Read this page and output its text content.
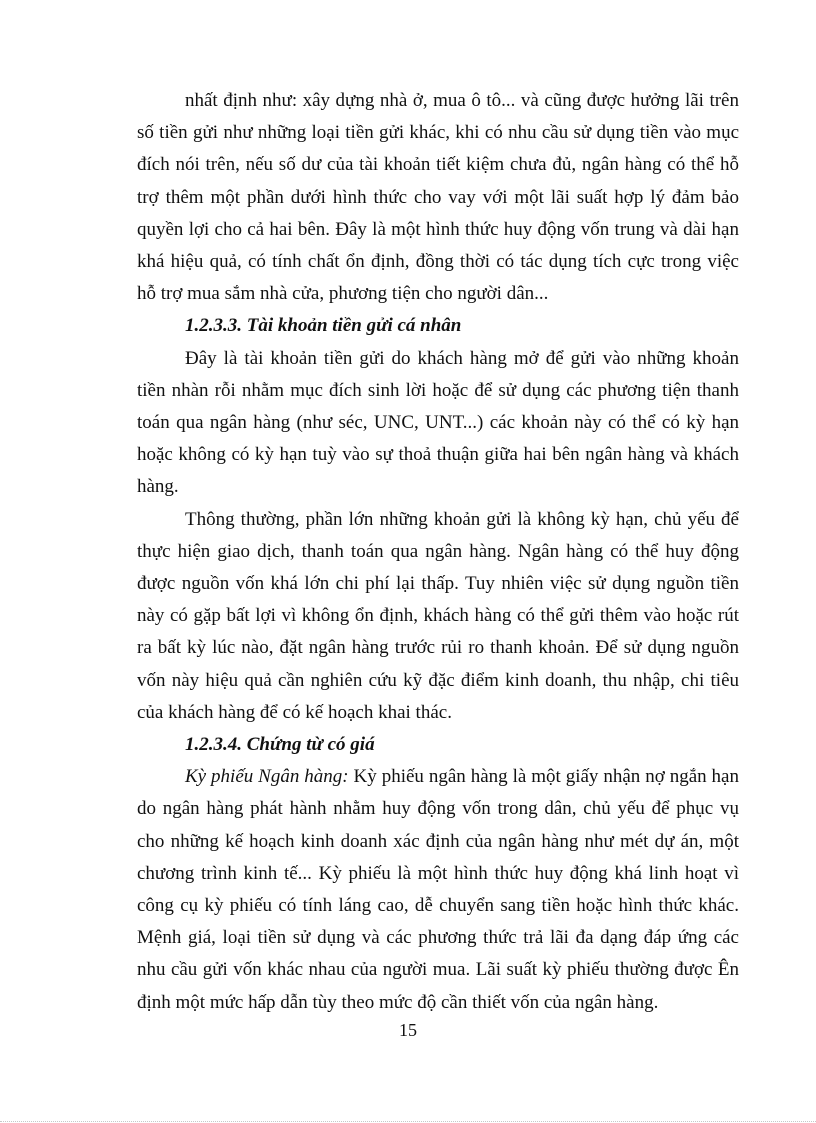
nhất định như: xây dựng nhà ở, mua ô tô... và cũng được hưởng lãi trên số tiền gửi như những loại tiền gửi khác, khi có nhu cầu sử dụng tiền vào mục đích nói trên, nếu số dư của tài khoản tiết kiệm chưa đủ, ngân hàng có thể hỗ trợ thêm một phần dưới hình thức cho vay với một lãi suất hợp lý đảm bảo quyền lợi cho cả hai bên. Đây là một hình thức huy động vốn trung và dài hạn khá hiệu quả, có tính chất ổn định, đồng thời có tác dụng tích cực trong việc hỗ trợ mua sắm nhà cửa, phương tiện cho người dân...

1.2.3.3. Tài khoản tiền gửi cá nhân

Đây là tài khoản tiền gửi do khách hàng mở để gửi vào những khoản tiền nhàn rỗi nhằm mục đích sinh lời hoặc để sử dụng các phương tiện thanh toán qua ngân hàng (như séc, UNC, UNT...) các khoản này có thể có kỳ hạn hoặc không có kỳ hạn tuỳ vào sự thoả thuận giữa hai bên ngân hàng và khách hàng.

Thông thường, phần lớn những khoản gửi là không kỳ hạn, chủ yếu để thực hiện giao dịch, thanh toán qua ngân hàng. Ngân hàng có thể huy động được nguồn vốn khá lớn chi phí lại thấp. Tuy nhiên việc sử dụng nguồn tiền này có gặp bất lợi vì không ổn định, khách hàng có thể gửi thêm vào hoặc rút ra bất kỳ lúc nào, đặt ngân hàng trước rủi ro thanh khoản. Để sử dụng nguồn vốn này hiệu quả cần nghiên cứu kỹ đặc điểm kinh doanh, thu nhập, chi tiêu của khách hàng để có kế hoạch khai thác.

1.2.3.4. Chứng từ có giá

Kỳ phiếu Ngân hàng: Kỳ phiếu ngân hàng là một giấy nhận nợ ngắn hạn do ngân hàng phát hành nhằm huy động vốn trong dân, chủ yếu để phục vụ cho những kế hoạch kinh doanh xác định của ngân hàng như mét dự án, một chương trình kinh tế... Kỳ phiếu là một hình thức huy động khá linh hoạt vì công cụ kỳ phiếu có tính láng cao, dễ chuyển sang tiền hoặc hình thức khác. Mệnh giá, loại tiền sử dụng và các phương thức trả lãi đa dạng đáp ứng các nhu cầu gửi vốn khác nhau của người mua. Lãi suất kỳ phiếu thường được Ên định một mức hấp dẫn tùy theo mức độ cần thiết vốn của ngân hàng.

15
